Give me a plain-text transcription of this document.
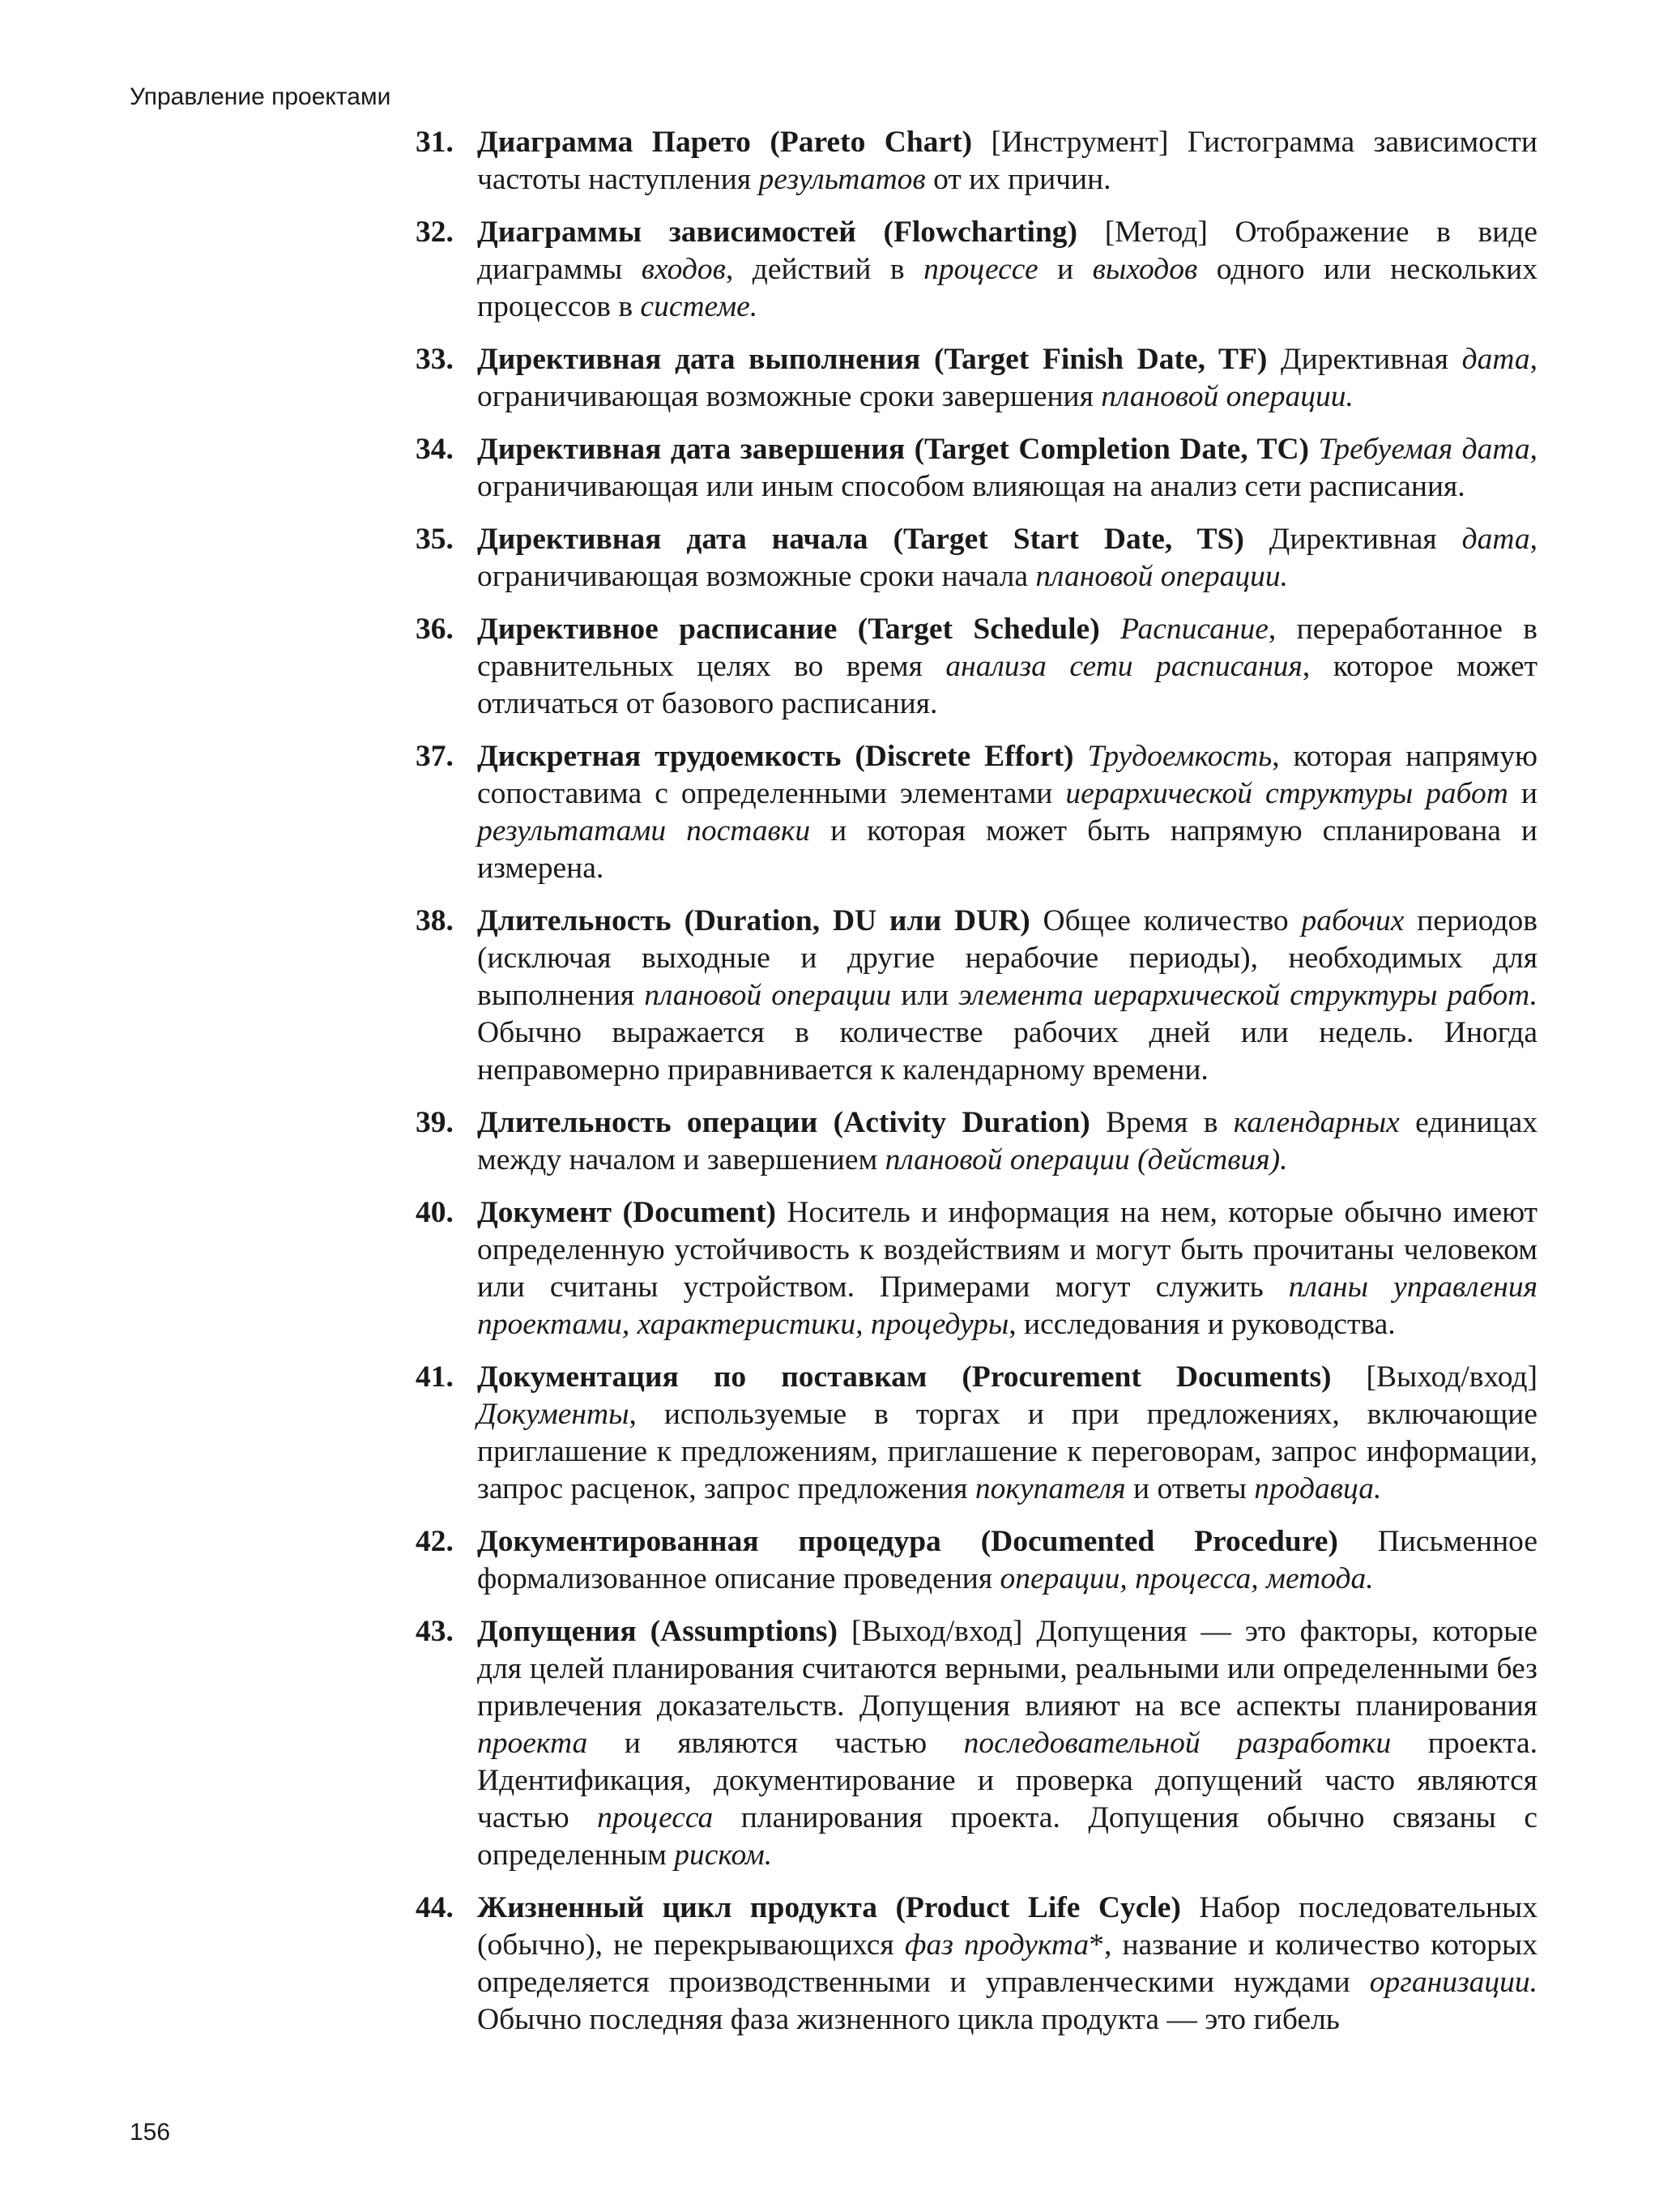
Управление проектами
31. Диаграмма Парето (Pareto Chart) [Инструмент] Гистограмма зависимости частоты наступления результатов от их причин.
32. Диаграммы зависимостей (Flowcharting) [Метод] Отображение в виде диаграммы входов, действий в процессе и выходов одного или нескольких процессов в системе.
33. Директивная дата выполнения (Target Finish Date, TF) Директивная дата, ограничивающая возможные сроки завершения плановой операции.
34. Директивная дата завершения (Target Completion Date, TC) Требуемая дата, ограничивающая или иным способом влияющая на анализ сети расписания.
35. Директивная дата начала (Target Start Date, TS) Директивная дата, ограничивающая возможные сроки начала плановой операции.
36. Директивное расписание (Target Schedule) Расписание, переработанное в сравнительных целях во время анализа сети расписания, которое может отличаться от базового расписания.
37. Дискретная трудоемкость (Discrete Effort) Трудоемкость, которая напрямую сопоставима с определенными элементами иерархической структуры работ и результатами поставки и которая может быть напрямую спланирована и измерена.
38. Длительность (Duration, DU или DUR) Общее количество рабочих периодов (исключая выходные и другие нерабочие периоды), необходимых для выполнения плановой операции или элемента иерархической структуры работ. Обычно выражается в количестве рабочих дней или недель. Иногда неправомерно приравнивается к календарному времени.
39. Длительность операции (Activity Duration) Время в календарных единицах между началом и завершением плановой операции (действия).
40. Документ (Document) Носитель и информация на нем, которые обычно имеют определенную устойчивость к воздействиям и могут быть прочитаны человеком или считаны устройством. Примерами могут служить планы управления проектами, характеристики, процедуры, исследования и руководства.
41. Документация по поставкам (Procurement Documents) [Выход/вход] Документы, используемые в торгах и при предложениях, включающие приглашение к предложениям, приглашение к переговорам, запрос информации, запрос расценок, запрос предложения покупателя и ответы продавца.
42. Документированная процедура (Documented Procedure) Письменное формализованное описание проведения операции, процесса, метода.
43. Допущения (Assumptions) [Выход/вход] Допущения — это факторы, которые для целей планирования считаются верными, реальными или определенными без привлечения доказательств. Допущения влияют на все аспекты планирования проекта и являются частью последовательной разработки проекта. Идентификация, документирование и проверка допущений часто являются частью процесса планирования проекта. Допущения обычно связаны с определенным риском.
44. Жизненный цикл продукта (Product Life Cycle) Набор последовательных (обычно), не перекрывающихся фаз продукта*, название и количество которых определяется производственными и управленческими нуждами организации. Обычно последняя фаза жизненного цикла продукта — это гибель
156
